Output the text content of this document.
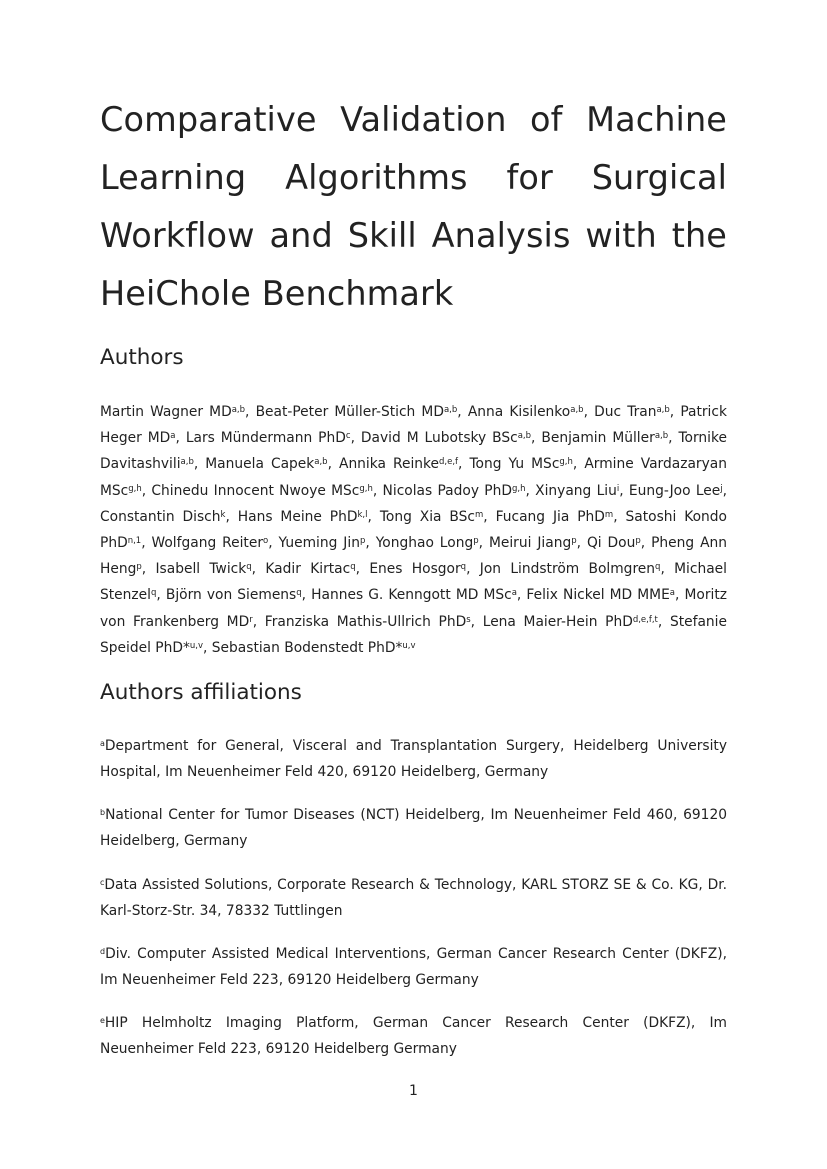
Comparative Validation of Machine Learning Algorithms for Surgical Workflow and Skill Analysis with the HeiChole Benchmark
Authors

Martin Wagner MD$^{a,b}$, Beat-Peter Müller-Stich MD$^{a,b}$, Anna Kisilenko$^{a,b}$, Duc Tran$^{a,b}$, Patrick Heger $MD^a$, Lars Mündermann PhD$^c$, David M Lubotsky BSc$^{a,b}$, Benjamin Müller$^{a,b}$, Tornike Davitashvili$^{a,b}$, Manuela Capek$^{a,b}$, Annika Reinke$^{d,e,f}$, Tong Yu MSc$^{g,h}$, Armine Vardazaryan MSc$^{g,h}$, Chinedu Innocent Nwoye MSc$^{g,h}$, Nicolas Padoy PhD$^{g,h}$, Xinyang Liu$^i$, Eung-Joo Lee$^j$, Constantin Disch$^k$, Hans Meine PhD$^{k,l}$, Tong Xia BSc$^m$, Fucang Jia PhD$^m$, Satoshi Kondo PhD$^{n,1}$, Wolfgang Reiter$^o$, Yueming Jin$^p$, Yonghao Long$^p$, Meirui Jiang$^p$, Qi Dou$^p$, Pheng Ann Heng$^p$, Isabell Twick$^q$, Kadir Kirtac$^q$, Enes Hosgor$^q$, Jon Lindström Bolmgren$^q$, Michael Stenzel$^q$, Björn von Siemens$^q$, Hannes G. Kenngott MD MSc$^a$, Felix Nickel MD MME$^a$, Moritz von Frankenberg $MD^r$, Franziska Mathis-Ullrich PhD$^s$, Lena Maier-Hein PhD$^{d,e,f,t}$, Stefanie Speidel PhD*$^{u,v}$, Sebastian Bodenstedt PhD*$^{u,v}$

Authors affiliations

$^a$Department for General, Visceral and Transplantation Surgery, Heidelberg University Hospital, Im Neuenheimer Feld 420, 69120 Heidelberg, Germany

$^b$National Center for Tumor Diseases (NCT) Heidelberg, Im Neuenheimer Feld 460, 69120 Heidelberg, Germany

$^c$Data Assisted Solutions, Corporate Research & Technology, KARL STORZ SE & Co. KG, Dr. Karl-Storz-Str. 34, 78332 Tuttlingen

$^d$Div. Computer Assisted Medical Interventions, German Cancer Research Center (DKFZ), Im Neuenheimer Feld 223, 69120 Heidelberg Germany

$^e$HIP Helmholtz Imaging Platform, German Cancer Research Center (DKFZ), Im Neuenheimer Feld 223, 69120 Heidelberg Germany

1
